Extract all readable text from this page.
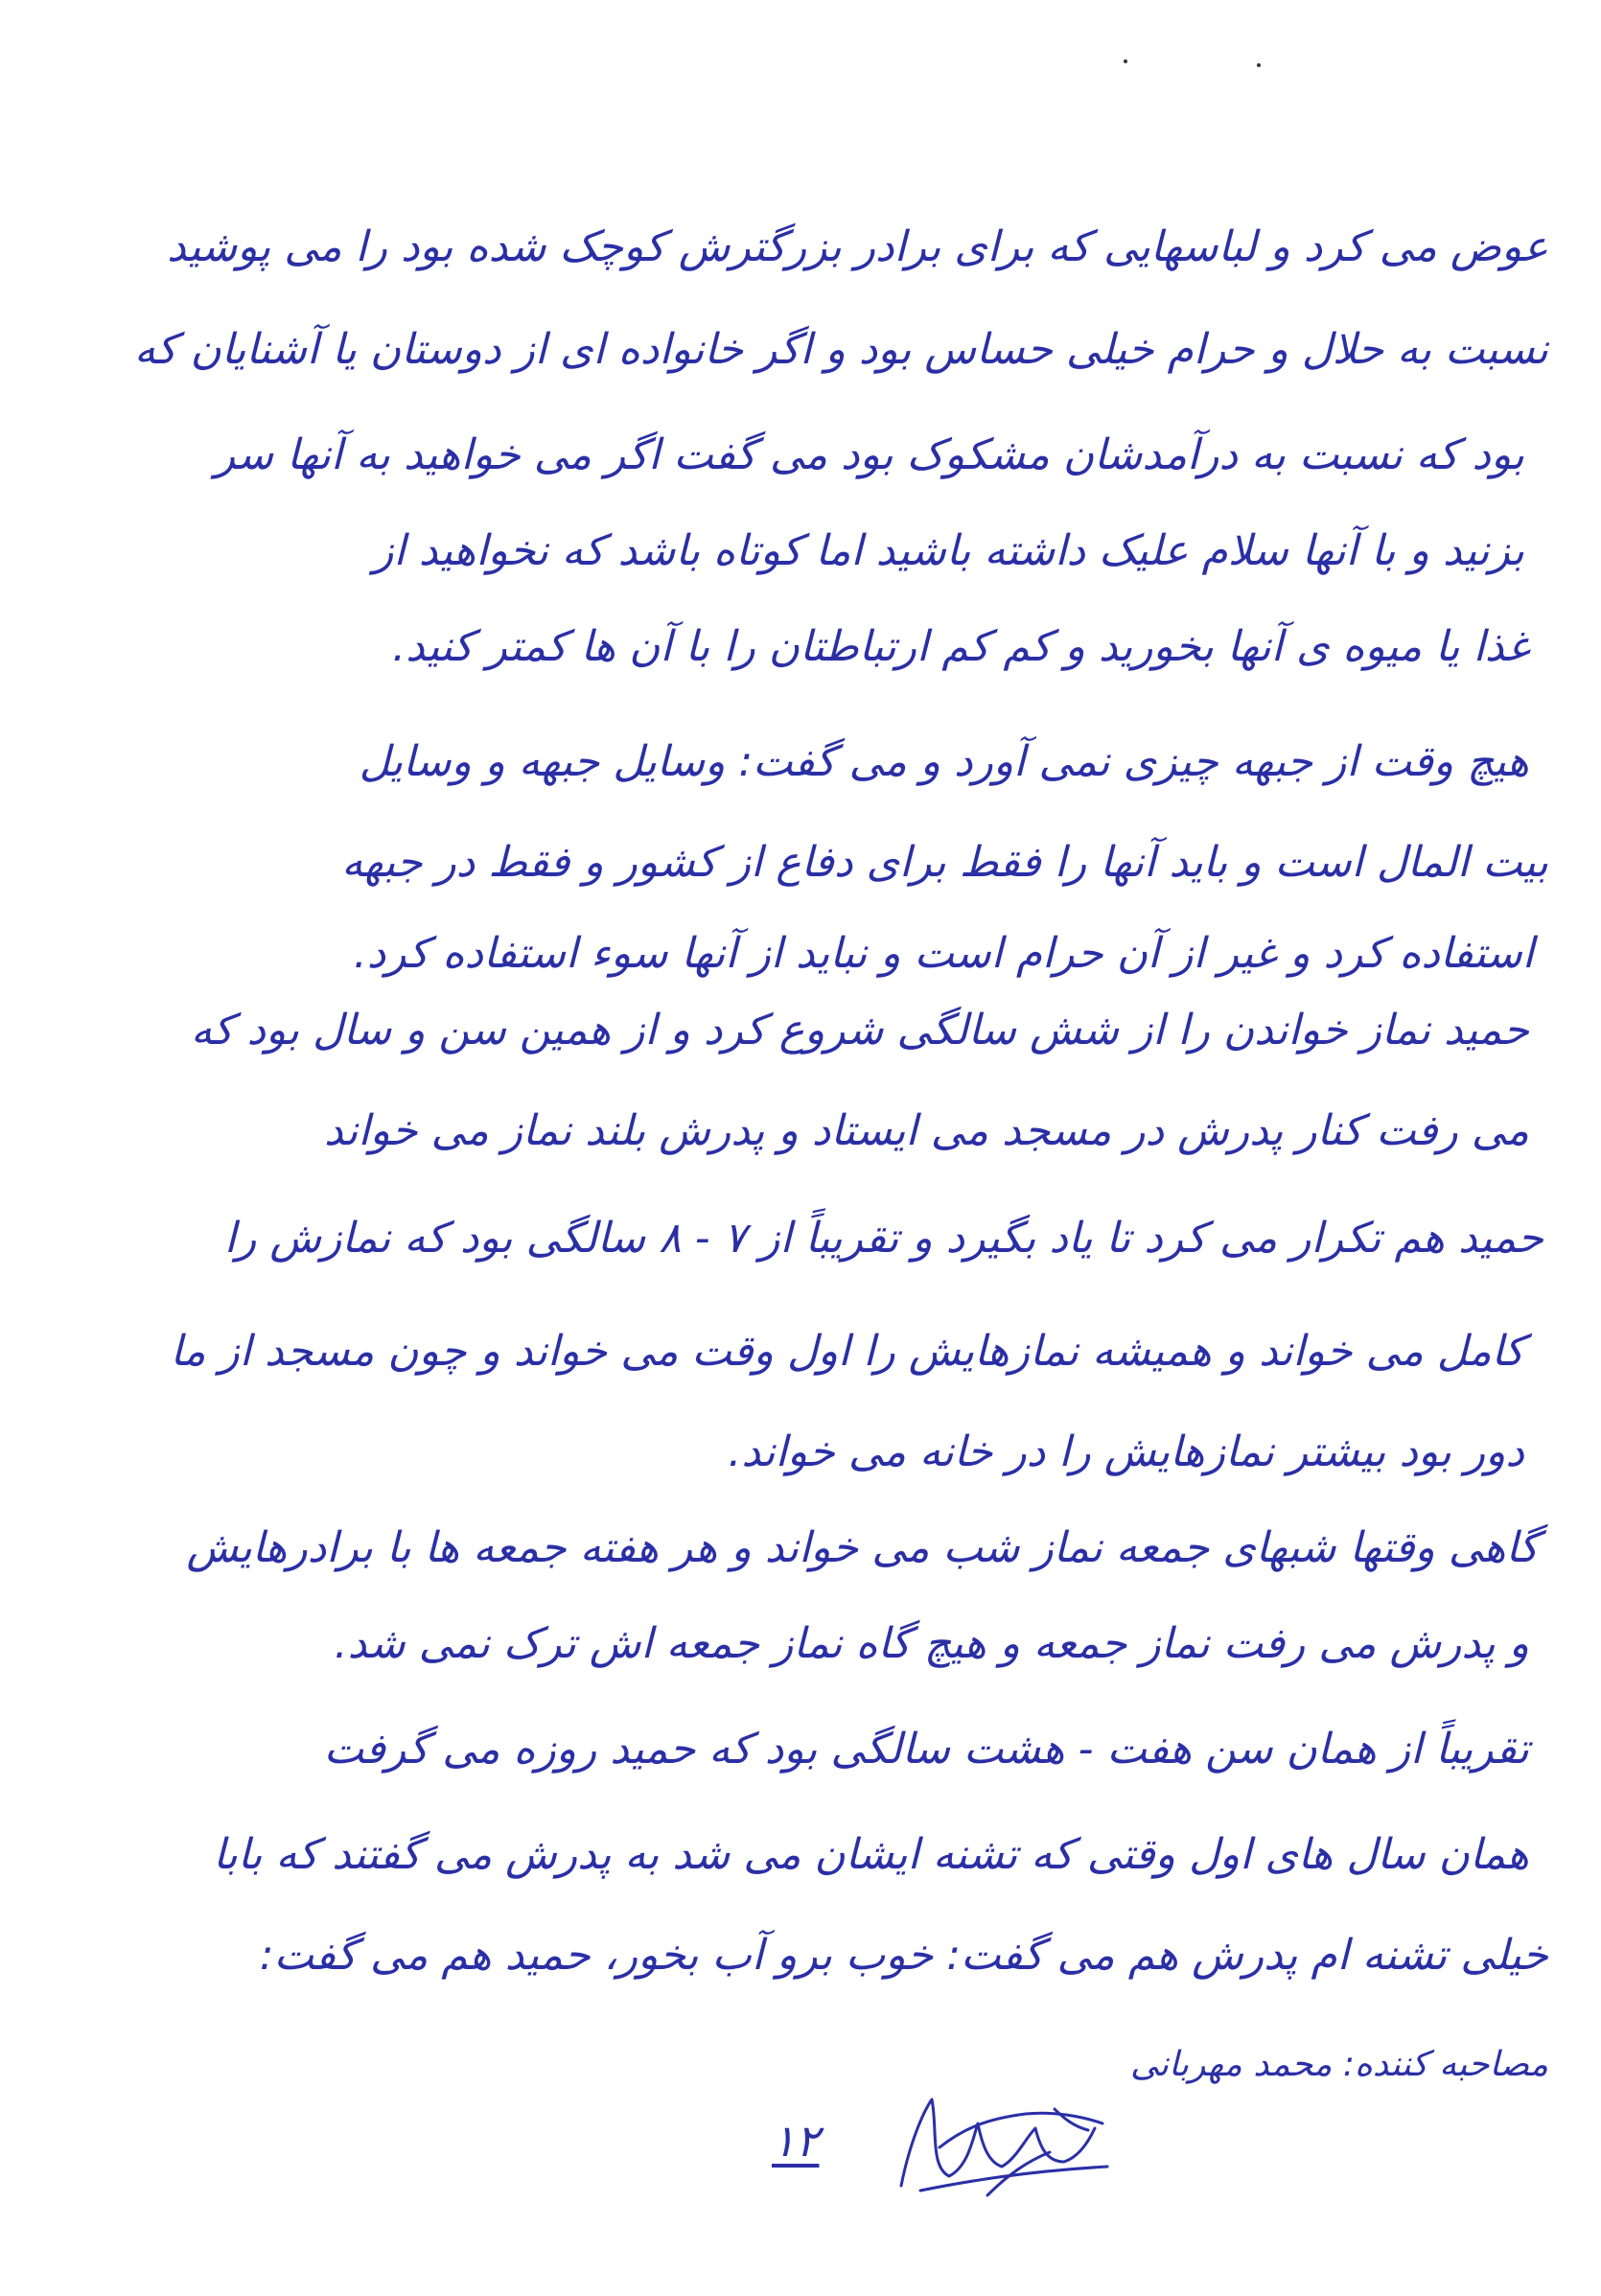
عوض می کرد و لباسهایی که برای برادر بزرگترش کوچک شده بود را می پوشید
نسبت به حلال و حرام خیلی حساس بود و اگر خانواده ای از دوستان یا آشنایان که
بود که نسبت به درآمدشان مشکوک بود می گفت اگر می خواهید به آنها سر
بزنید و با آنها سلام علیک داشته باشید اما کوتاه باشد که نخواهید از
غذا یا میوه ی آنها بخورید و کم کم ارتباطتان را با آن ها کمتر کنید.
هیچ وقت از جبهه چیزی نمی آورد و می گفت: وسایل جبهه و وسایل
بیت المال است و باید آنها را فقط برای دفاع از کشور و فقط در جبهه
استفاده کرد و غیر از آن حرام است و نباید از آنها سوء استفاده کرد.
حمید نماز خواندن را از شش سالگی شروع کرد و از همین سن و سال بود که
می رفت کنار پدرش در مسجد می ایستاد و پدرش بلند نماز می خواند
حمید هم تکرار می کرد تا یاد بگیرد و تقریباً از ۷ - ۸ سالگی بود که نمازش را
کامل می خواند و همیشه نمازهایش را اول وقت می خواند و چون مسجد از ما
دور بود بیشتر نمازهایش را در خانه می خواند.
گاهی وقتها شبهای جمعه نماز شب می خواند و هر هفته جمعه ها با برادرهایش
و پدرش می رفت نماز جمعه و هیچ گاه نماز جمعه اش ترک نمی شد.
تقریباً از همان سن هفت - هشت سالگی بود که حمید روزه می گرفت
همان سال های اول وقتی که تشنه ایشان می شد به پدرش می گفتند که بابا
خیلی تشنه ام پدرش هم می گفت: خوب برو آب بخور، حمید هم می گفت:
مصاحبه کننده: محمد مهربانی
۱۲
